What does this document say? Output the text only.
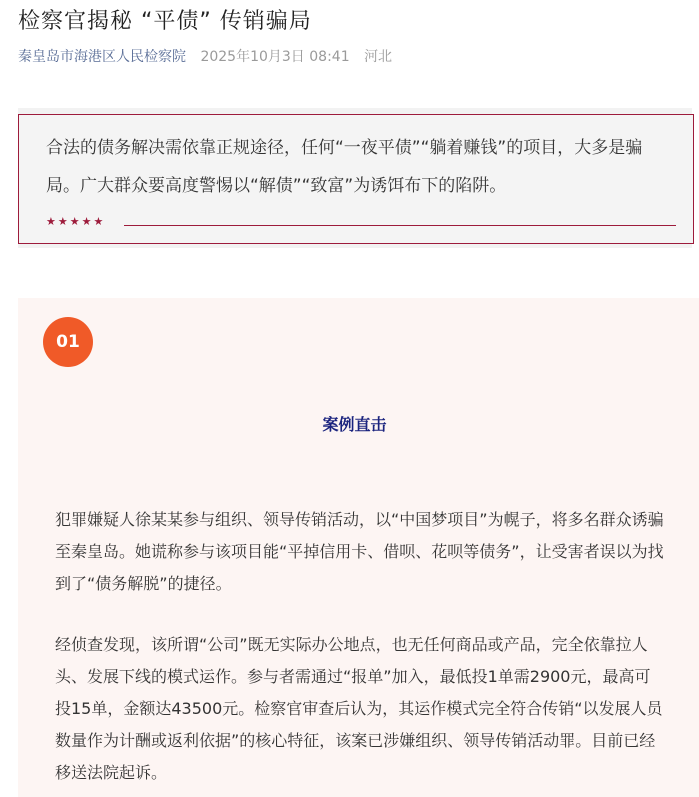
检察官揭秘 “平债” 传销骗局
秦皇岛市海港区人民检察院 2025年10月3日 08:41 河北

合法的债务解决需依靠正规途径，任何“一夜平债”“躺着赚钱”的项目，大多是骗局。广大群众要高度警惕以“解债”“致富”为诱饵布下的陷阱。

★★★★★
01
案例直击

犯罪嫌疑人徐某某参与组织、领导传销活动，以“中国梦项目”为幌子，将多名群众诱骗至秦皇岛。她谎称参与该项目能“平掉信用卡、借呗、花呗等债务”，让受害者误以为找到了“债务解脱”的捷径。

经侦查发现，该所谓“公司”既无实际办公地点，也无任何商品或产品，完全依靠拉人头、发展下线的模式运作。参与者需通过“报单”加入，最低投1单需2900元，最高可投15单，金额达43500元。检察官审查后认为，其运作模式完全符合传销“以发展人员数量作为计酬或返利依据”的核心特征，该案已涉嫌组织、领导传销活动罪。目前已经移送法院起诉。
